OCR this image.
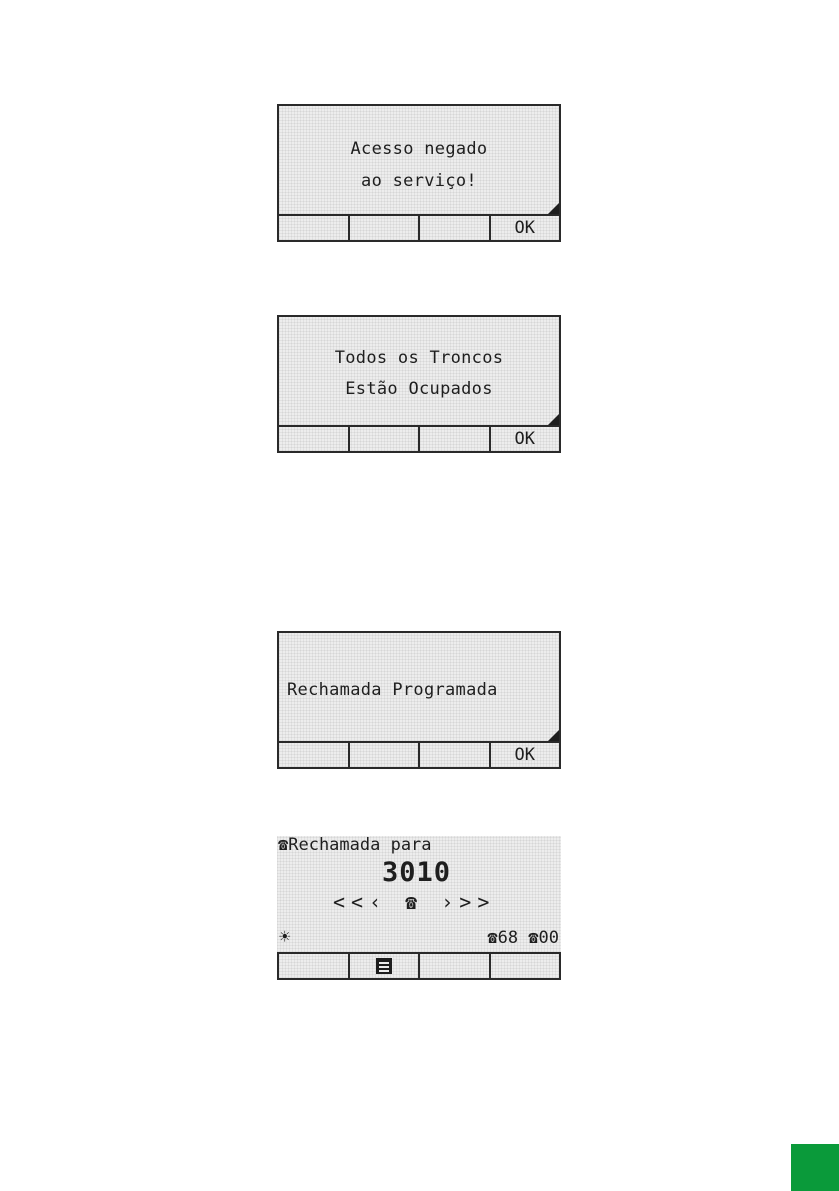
Acesso negado
ao serviço!
OK
Todos os Troncos
Estão Ocupados
OK
Rechamada Programada
OK
☎Rechamada para
3010
<<‹ ☎ ›>>
☀	☎68 ☎00
